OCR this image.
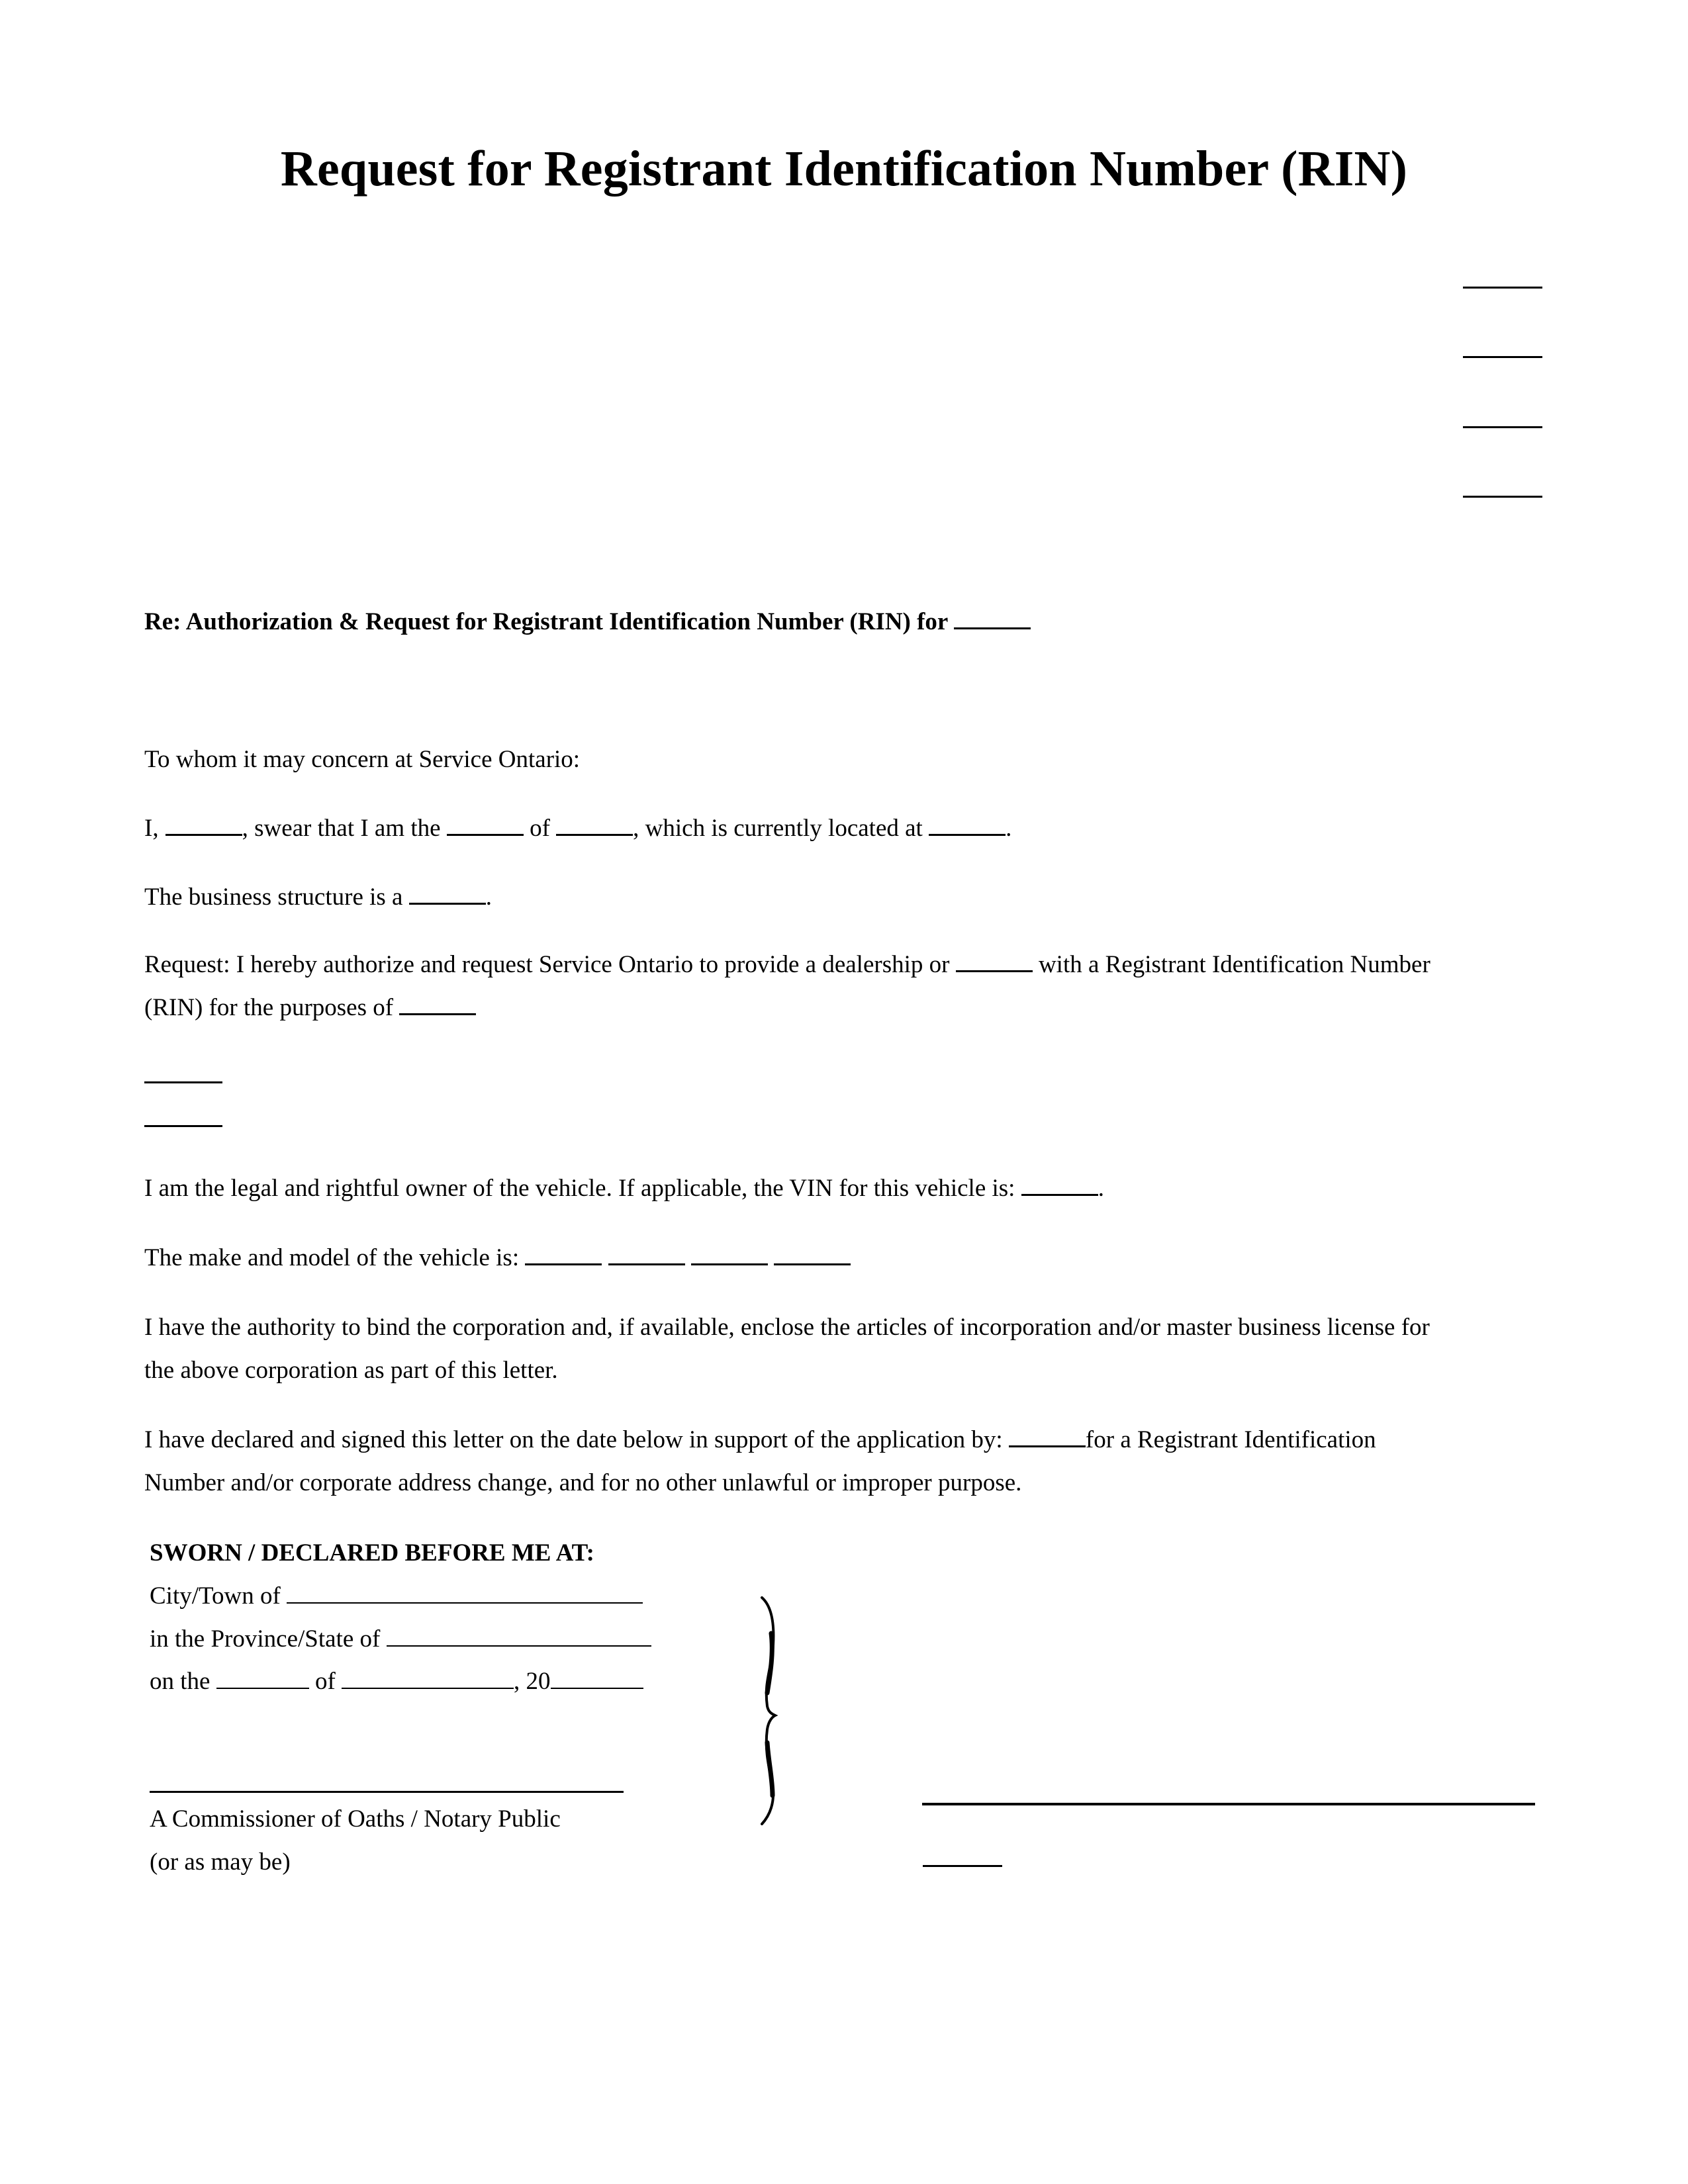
Request for Registrant Identification Number (RIN)
Re: Authorization & Request for Registrant Identification Number (RIN) for
To whom it may concern at Service Ontario:
I,	, swear that I am the	of	, which is currently located at	.
The business structure is a	.
Request: I hereby authorize and request Service Ontario to provide a dealership or	with a Registrant Identification Number
(RIN) for the purposes of
I am the legal and rightful owner of the vehicle. If applicable, the VIN for this vehicle is:	.
The make and model of the vehicle is:
I have the authority to bind the corporation and, if available, enclose the articles of incorporation and/or master business license for
the above corporation as part of this letter.
I have declared and signed this letter on the date below in support of the application by:	for a Registrant Identification
Number and/or corporate address change, and for no other unlawful or improper purpose.
SWORN / DECLARED BEFORE ME AT:
City/Town of
in the Province/State of
on the	of	, 20
A Commissioner of Oaths / Notary Public
(or as may be)
